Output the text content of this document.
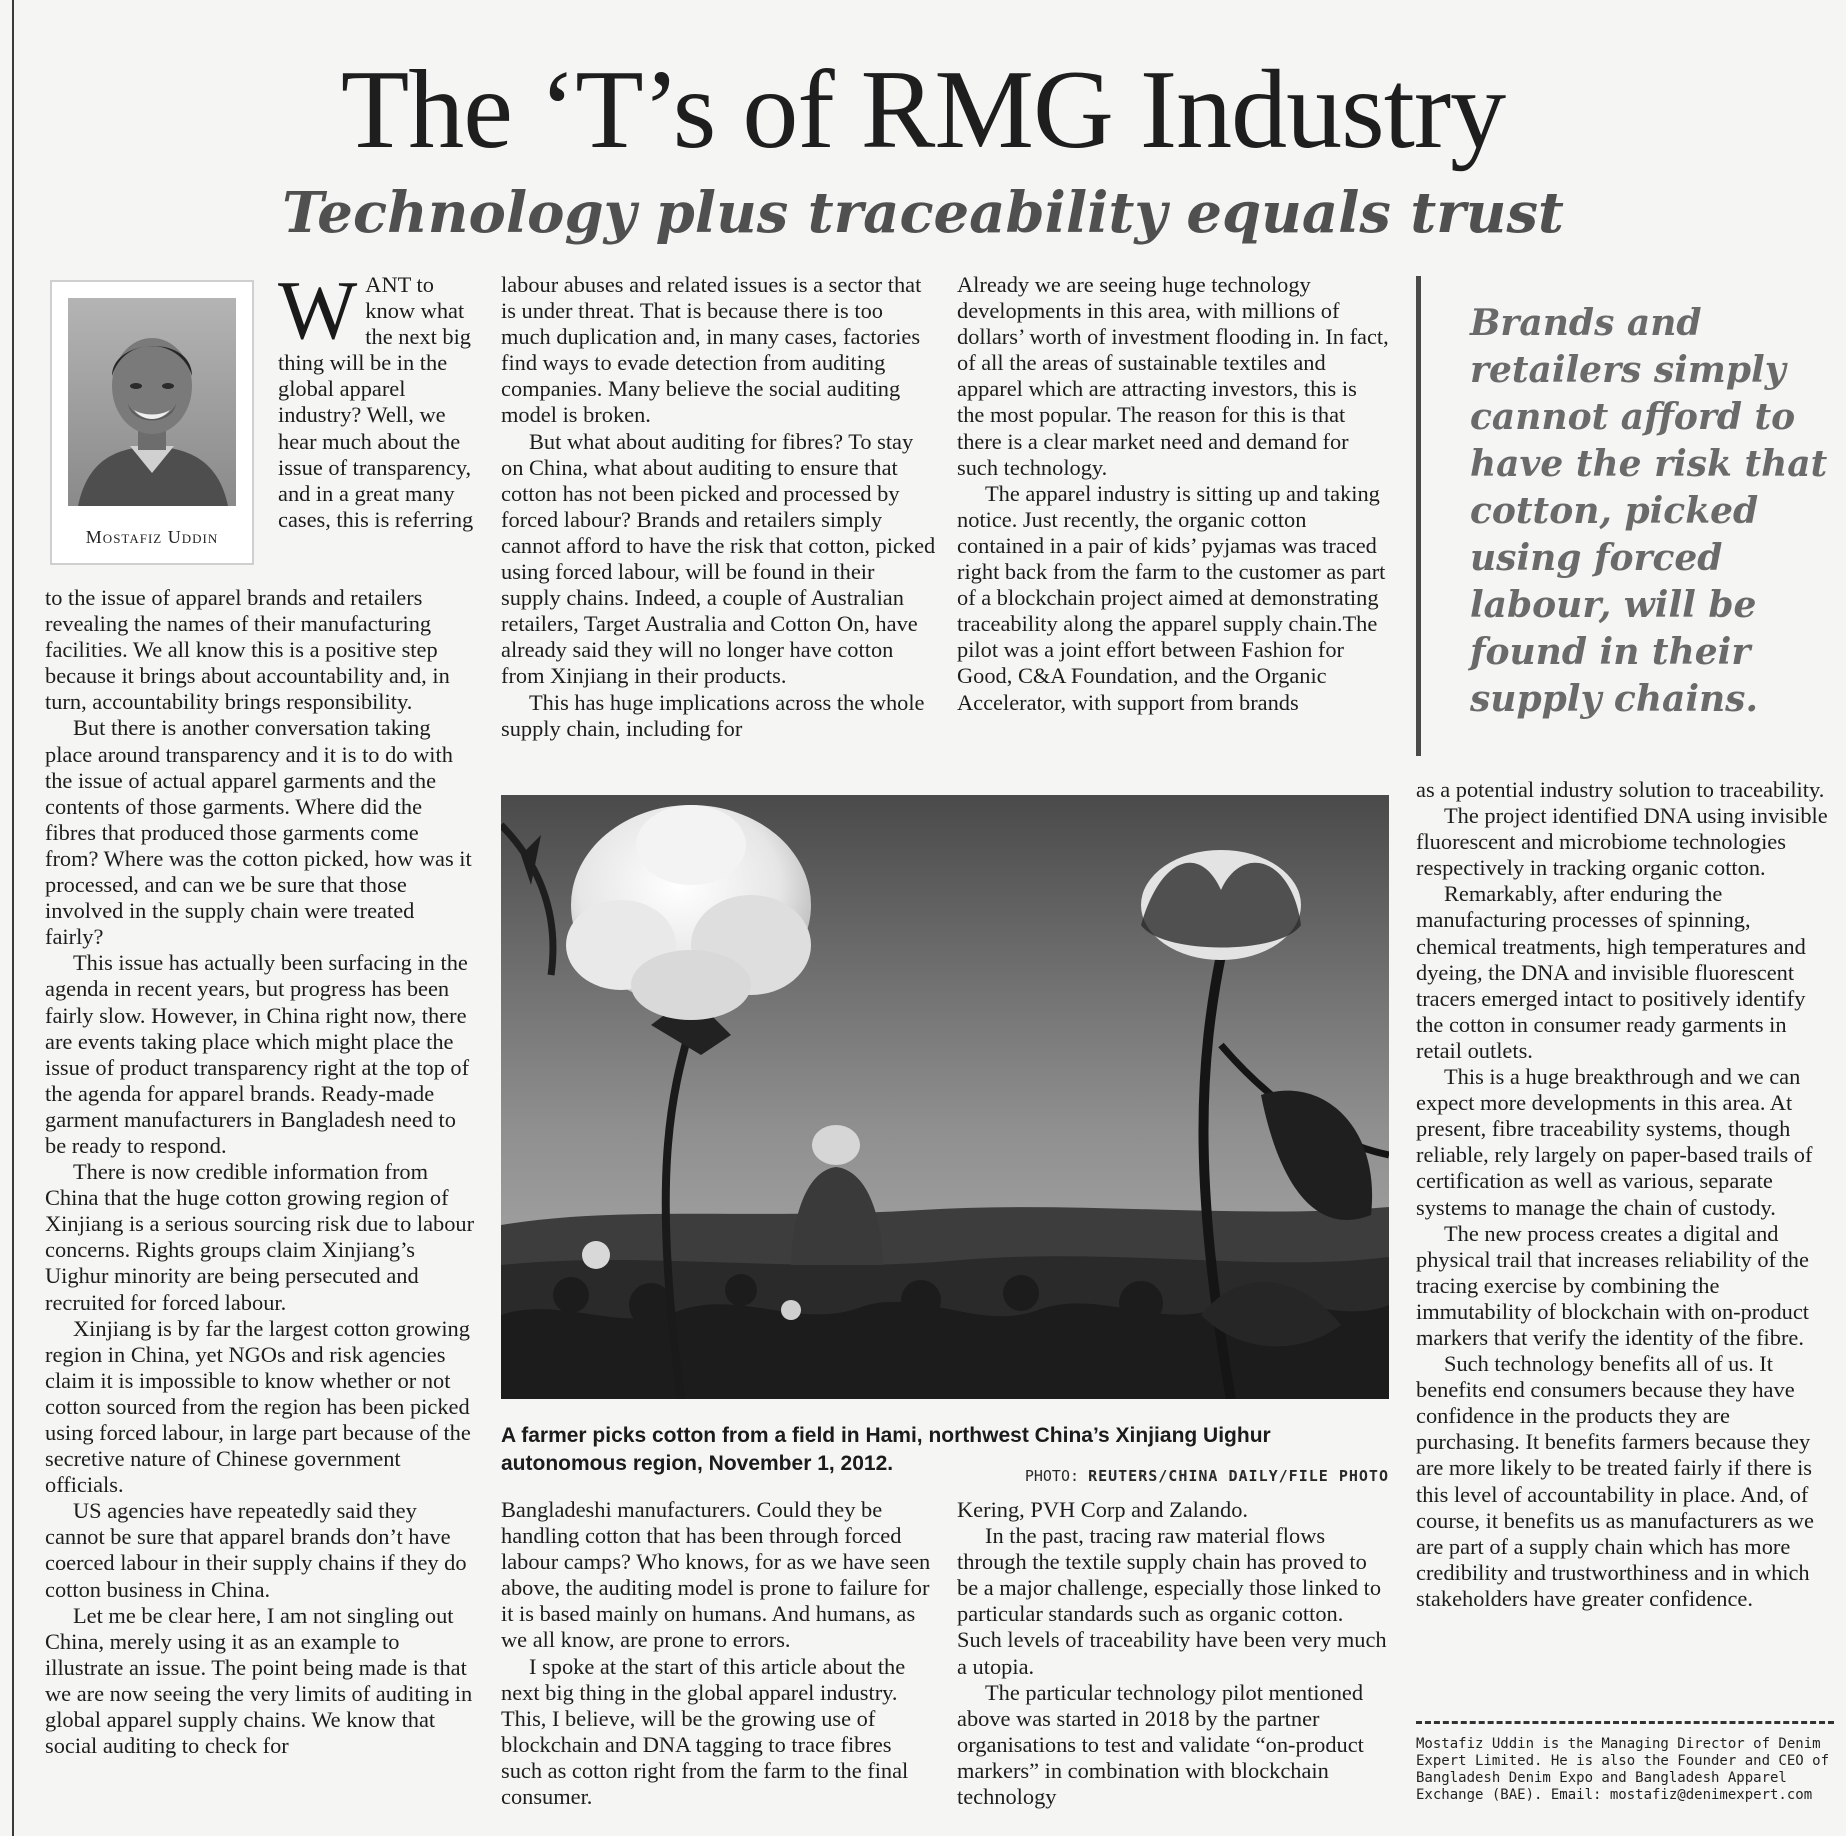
The ‘T’s of RMG Industry
Technology plus traceability equals trust
Mostafiz Uddin

WANT to know what the next big thing will be in the global apparel industry? Well, we hear much about the issue of transparency, and in a great many cases, this is referring

to the issue of apparel brands and retailers revealing the names of their manufacturing facilities. We all know this is a positive step because it brings about accountability and, in turn, accountability brings responsibility.

But there is another conversation taking place around transparency and it is to do with the issue of actual apparel garments and the contents of those garments. Where did the fibres that produced those garments come from? Where was the cotton picked, how was it processed, and can we be sure that those involved in the supply chain were treated fairly?

This issue has actually been surfacing in the agenda in recent years, but progress has been fairly slow. However, in China right now, there are events taking place which might place the issue of product transparency right at the top of the agenda for apparel brands. Ready-made garment manufacturers in Bangladesh need to be ready to respond.

There is now credible information from China that the huge cotton growing region of Xinjiang is a serious sourcing risk due to labour concerns. Rights groups claim Xinjiang’s Uighur minority are being persecuted and recruited for forced labour.

Xinjiang is by far the largest cotton growing region in China, yet NGOs and risk agencies claim it is impossible to know whether or not cotton sourced from the region has been picked using forced labour, in large part because of the secretive nature of Chinese government officials.

US agencies have repeatedly said they cannot be sure that apparel brands don’t have coerced labour in their supply chains if they do cotton business in China.

Let me be clear here, I am not singling out China, merely using it as an example to illustrate an issue. The point being made is that we are now seeing the very limits of auditing in global apparel supply chains. We know that social auditing to check for

labour abuses and related issues is a sector that is under threat. That is because there is too much duplication and, in many cases, factories find ways to evade detection from auditing companies. Many believe the social auditing model is broken.

But what about auditing for fibres? To stay on China, what about auditing to ensure that cotton has not been picked and processed by forced labour? Brands and retailers simply cannot afford to have the risk that cotton, picked using forced labour, will be found in their supply chains. Indeed, a couple of Australian retailers, Target Australia and Cotton On, have already said they will no longer have cotton from Xinjiang in their products.

This has huge implications across the whole supply chain, including for

Already we are seeing huge technology developments in this area, with millions of dollars’ worth of investment flooding in. In fact, of all the areas of sustainable textiles and apparel which are attracting investors, this is the most popular. The reason for this is that there is a clear market need and demand for such technology.

The apparel industry is sitting up and taking notice. Just recently, the organic cotton contained in a pair of kids’ pyjamas was traced right back from the farm to the customer as part of a blockchain project aimed at demonstrating traceability along the apparel supply chain.The pilot was a joint effort between Fashion for Good, C&A Foundation, and the Organic Accelerator, with support from brands

Brands and retailers simply cannot afford to have the risk that cotton, picked using forced labour, will be found in their supply chains.

A farmer picks cotton from a field in Hami, northwest China’s Xinjiang Uighur autonomous region, November 1, 2012.
PHOTO: REUTERS/CHINA DAILY/FILE PHOTO

Bangladeshi manufacturers. Could they be handling cotton that has been through forced labour camps? Who knows, for as we have seen above, the auditing model is prone to failure for it is based mainly on humans. And humans, as we all know, are prone to errors.

I spoke at the start of this article about the next big thing in the global apparel industry. This, I believe, will be the growing use of blockchain and DNA tagging to trace fibres such as cotton right from the farm to the final consumer.

Kering, PVH Corp and Zalando.

In the past, tracing raw material flows through the textile supply chain has proved to be a major challenge, especially those linked to particular standards such as organic cotton. Such levels of traceability have been very much a utopia.

The particular technology pilot mentioned above was started in 2018 by the partner organisations to test and validate “on-product markers” in combination with blockchain technology

as a potential industry solution to traceability.

The project identified DNA using invisible fluorescent and microbiome technologies respectively in tracking organic cotton.

Remarkably, after enduring the manufacturing processes of spinning, chemical treatments, high temperatures and dyeing, the DNA and invisible fluorescent tracers emerged intact to positively identify the cotton in consumer ready garments in retail outlets.

This is a huge breakthrough and we can expect more developments in this area. At present, fibre traceability systems, though reliable, rely largely on paper-based trails of certification as well as various, separate systems to manage the chain of custody.

The new process creates a digital and physical trail that increases reliability of the tracing exercise by combining the immutability of blockchain with on-product markers that verify the identity of the fibre.

Such technology benefits all of us. It benefits end consumers because they have confidence in the products they are purchasing. It benefits farmers because they are more likely to be treated fairly if there is this level of accountability in place. And, of course, it benefits us as manufacturers as we are part of a supply chain which has more credibility and trustworthiness and in which stakeholders have greater confidence.

Mostafiz Uddin is the Managing Director of Denim Expert Limited. He is also the Founder and CEO of Bangladesh Denim Expo and Bangladesh Apparel Exchange (BAE). Email: mostafiz@denimexpert.com
